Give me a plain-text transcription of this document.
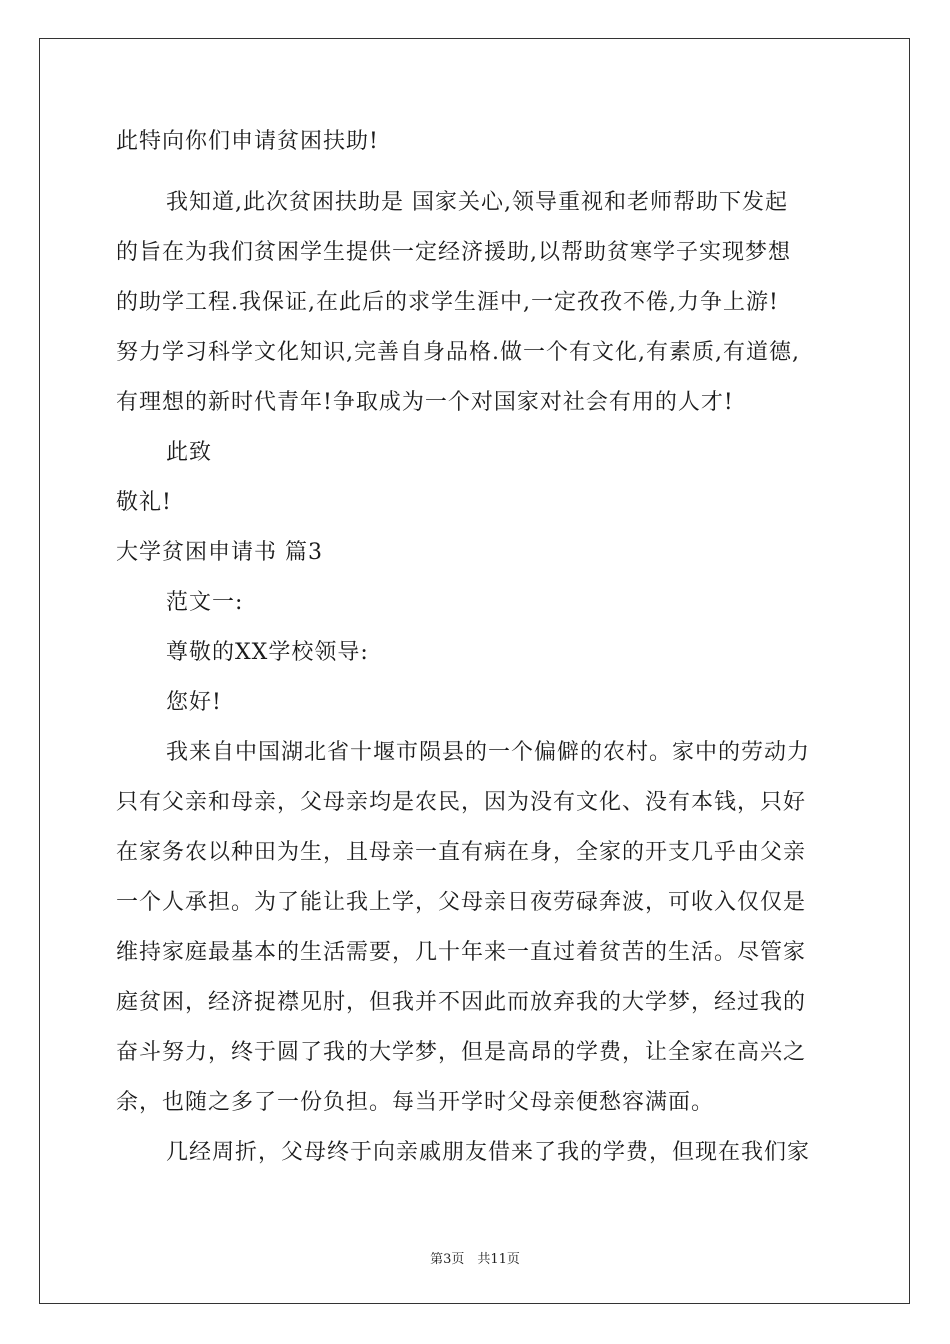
此特向你们申请贫困扶助!
我知道,此次贫困扶助是 国家关心,领导重视和老师帮助下发起
的旨在为我们贫困学生提供一定经济援助,以帮助贫寒学子实现梦想
的助学工程.我保证,在此后的求学生涯中,一定孜孜不倦,力争上游!
努力学习科学文化知识,完善自身品格.做一个有文化,有素质,有道德,
有理想的新时代青年!争取成为一个对国家对社会有用的人才!
此致
敬礼!
大学贫困申请书 篇3
范文一:
尊敬的XX学校领导:
您好!
我来自中国湖北省十堰市陨县的一个偏僻的农村。家中的劳动力
只有父亲和母亲，父母亲均是农民，因为没有文化、没有本钱，只好
在家务农以种田为生，且母亲一直有病在身，全家的开支几乎由父亲
一个人承担。为了能让我上学，父母亲日夜劳碌奔波，可收入仅仅是
维持家庭最基本的生活需要，几十年来一直过着贫苦的生活。尽管家
庭贫困，经济捉襟见肘，但我并不因此而放弃我的大学梦，经过我的
奋斗努力，终于圆了我的大学梦，但是高昂的学费，让全家在高兴之
余，也随之多了一份负担。每当开学时父母亲便愁容满面。
几经周折，父母终于向亲戚朋友借来了我的学费，但现在我们家
第3页　共11页
